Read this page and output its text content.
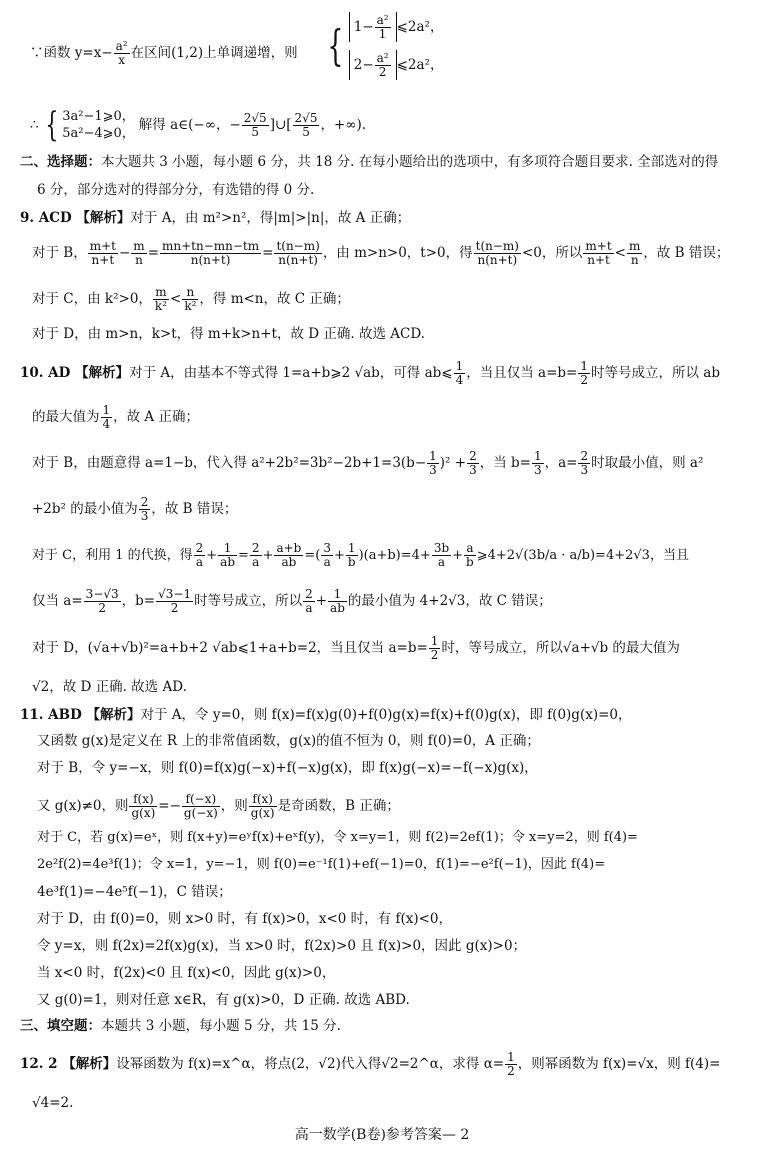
∵函数 $y=x- \frac{\text{a²}}{x}$ 在区间(1,2)上单调递增，则 { $1- \frac{\text{a²}}{1}$ ⩽2a²，
$2- \frac{\text{a²}}{2}$ ⩽2a²，
∴ { 3a²−1⩾0，
5a²−4⩾0，
解得 a∈(−∞，− $\frac{2√5}{5}$ ]∪[ $\frac{2√5}{5}$ ，+∞).
二、选择题：本大题共 3 小题，每小题 6 分，共 18 分. 在每小题给出的选项中，有多项符合题目要求. 全部选对的得
6 分，部分选对的得部分分，有选错的得 0 分.
9. ACD 【解析】对于 A，由 m²>n²，得|m|>|n|，故 A 正确；
对于 B， $\frac{m+t}{n+t} - \frac{m}{n} = \frac{mn+tn-mn-tm}{n(n+t)} = \frac{t(n-m)}{n(n+t)}$ ，由 m>n>0，t>0，得 $\frac{t(n-m)}{n(n+t)} <0$，所以 $\frac{m+t}{n+t} < \frac{m}{n}$ ，故 B 错误；
对于 C，由 k²>0， $\frac{m}{\text{k²}} < \frac{n}{\text{k²}}$ ，得 m<n，故 C 正确；
对于 D，由 m>n，k>t，得 m+k>n+t，故 D 正确. 故选 ACD.
10. AD 【解析】对于 A，由基本不等式得 1=a+b⩾2 √ab，可得 ab⩽ $\frac{1}{4}$ ，当且仅当 $a=b= \frac{1}{2}$ 时等号成立，所以 ab
的最大值为 $\frac{1}{4}$ ，故 A 正确；
对于 B，由题意得 a=1−b，代入得 $a^2+2b^2=3b^2-2b+1=3(b- \frac{1}{3} )^2 + \frac{2}{3}$ ，当 $b= \frac{1}{3}$ ，$a= \frac{2}{3}$ 时取最小值，则 a²
+2b² 的最小值为 $\frac{2}{3}$ ，故 B 错误；
对于 C，利用 1 的代换，得 $\frac{2}{a} + \frac{1}{ab} = \frac{2}{a} + \frac{a+b}{ab}$ =( $\frac{3}{a} + \frac{1}{b} )(a+b)=4+ \frac{3b}{a} + \frac{a}{b}$ ⩾4+2√(3b/a · a/b)=4+2√3，当且
仅当 $a= \frac{3-√3}{2}$ ，$b= \frac{√3-1}{2}$ 时等号成立，所以 $\frac{2}{a} + \frac{1}{ab}$ 的最小值为 4+2√3，故 C 错误；
对于 D，(√a+√b)²=a+b+2 √ab⩽1+a+b=2，当且仅当 $a=b= \frac{1}{2}$ 时，等号成立，所以√a+√b 的最大值为
√2，故 D 正确. 故选 AD.
11. ABD 【解析】对于 A，令 y=0，则 f(x)=f(x)g(0)+f(0)g(x)=f(x)+f(0)g(x)，即 f(0)g(x)=0，
又函数 g(x)是定义在 R 上的非常值函数，g(x)的值不恒为 0，则 f(0)=0，A 正确；
对于 B，令 y=−x，则 f(0)=f(x)g(−x)+f(−x)g(x)，即 f(x)g(−x)=−f(−x)g(x)，
又 g(x)≠0，则 $\frac{f(x)}{g(x)} =- \frac{f(-x)}{g(-x)}$ ，则 $\frac{f(x)}{g(x)}$ 是奇函数，B 正确；
对于 C，若 g(x)=eˣ，则 f(x+y)=eʸf(x)+eˣf(y)，令 x=y=1，则 f(2)=2ef(1)；令 x=y=2，则 f(4)=
2e²f(2)=4e³f(1)；令 x=1，y=−1，则 f(0)=e⁻¹f(1)+ef(−1)=0，f(1)=−e²f(−1)，因此 f(4)=
4e³f(1)=−4e⁵f(−1)，C 错误；
对于 D，由 f(0)=0，则 x>0 时，有 f(x)>0，x<0 时，有 f(x)<0，
令 y=x，则 f(2x)=2f(x)g(x)，当 x>0 时，f(2x)>0 且 f(x)>0，因此 g(x)>0；
当 x<0 时，f(2x)<0 且 f(x)<0，因此 g(x)>0，
又 g(0)=1，则对任意 x∈R，有 g(x)>0，D 正确. 故选 ABD.
三、填空题：本题共 3 小题，每小题 5 分，共 15 分.
12. 2 【解析】设幂函数为 f(x)=x^α，将点(2，√2)代入得√2=2^α，求得 $\alpha= \frac{1}{2}$ ，则幂函数为 f(x)=√x，则 f(4)=
√4=2.
高一数学(B卷)参考答案— 2
